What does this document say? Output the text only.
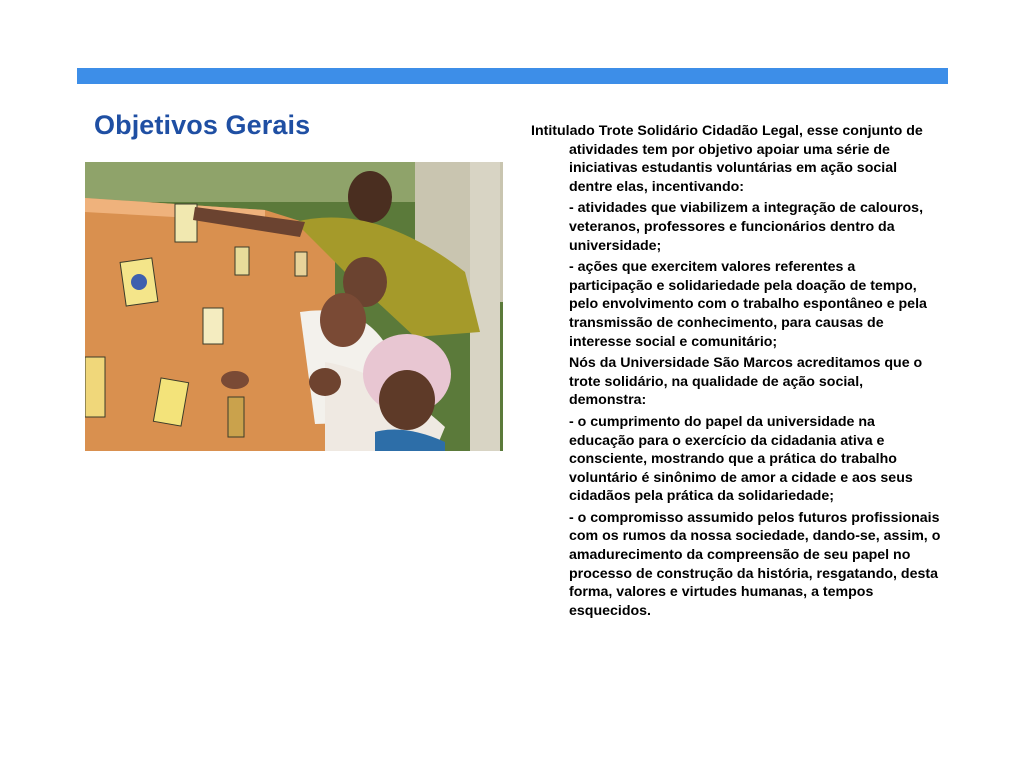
Objetivos Gerais	Intitulado Trote Solidário Cidadão Legal, esse conjunto de atividades tem por objetivo apoiar uma série de iniciativas estudantis voluntárias em ação social dentre elas, incentivando:

- atividades que viabilizem a integração de calouros, veteranos, professores e funcionários dentro da universidade;

- ações que exercitem valores referentes a participação e solidariedade pela doação de tempo, pelo envolvimento com o trabalho espontâneo e pela transmissão de conhecimento, para causas de interesse social e comunitário;

Nós da Universidade São Marcos acreditamos que o trote solidário, na qualidade de ação social, demonstra:

- o cumprimento do papel da universidade na educação para o exercício da cidadania ativa e consciente, mostrando que a prática do trabalho voluntário é sinônimo de amor a cidade e aos seus cidadãos pela prática da solidariedade;

- o compromisso assumido pelos futuros profissionais com os rumos da nossa sociedade, dando-se, assim, o amadurecimento da compreensão de seu papel no processo de construção da história, resgatando, desta forma, valores e virtudes humanas, a tempos esquecidos.
